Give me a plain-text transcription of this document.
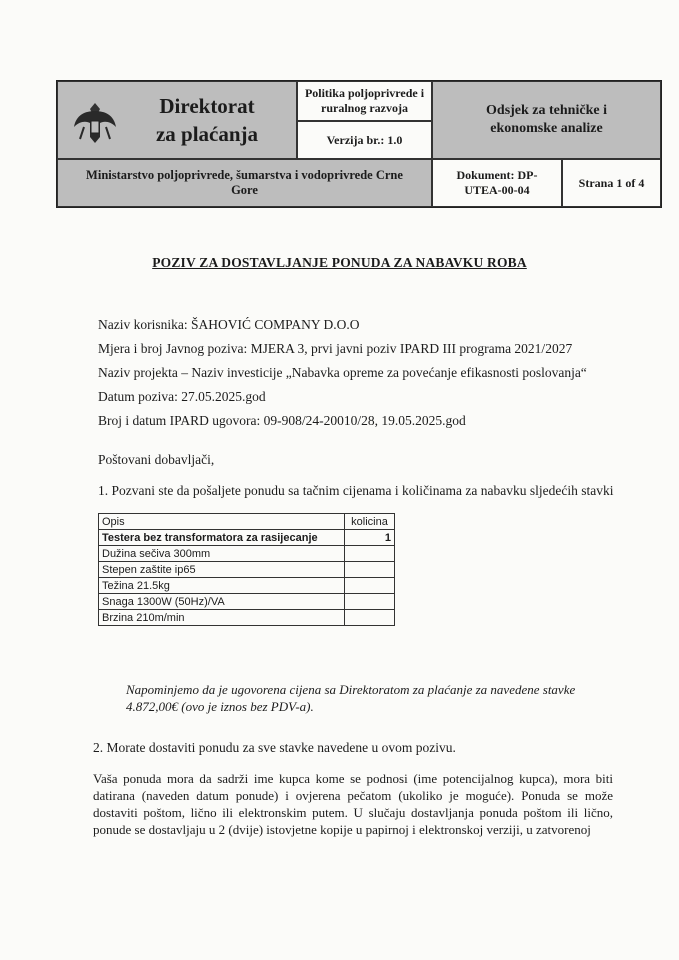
Direktorat za plaćanja
Politika poljoprivrede i ruralnog razvoja
Verzija br.: 1.0
Odsjek za tehničke i ekonomske analize
Ministarstvo poljoprivrede, šumarstva i vodoprivrede Crne Gore
Dokument: DP-UTEA-00-04
Strana 1 of 4
POZIV ZA DOSTAVLJANJE PONUDA ZA NABAVKU ROBA
Naziv korisnika: ŠAHOVIĆ COMPANY D.O.O
Mjera i broj Javnog poziva: MJERA 3, prvi javni poziv IPARD III programa 2021/2027
Naziv projekta – Naziv investicije „Nabavka opreme za povećanje efikasnosti poslovanja“
Datum poziva: 27.05.2025.god
Broj i datum IPARD ugovora: 09-908/24-20010/28, 19.05.2025.god
Poštovani dobavljači,
1. Pozvani ste da pošaljete ponudu sa tačnim cijenama i količinama za nabavku sljedećih stavki
Opis	kolicina
Testera bez transformatora za rasijecanje	1
Dužina sečiva 300mm	
Stepen zaštite ip65	
Težina 21.5kg	
Snaga 1300W (50Hz)/VA	
Brzina 210m/min	
Napominjemo da je ugovorena cijena sa Direktoratom za plaćanje za navedene stavke 4.872,00€ (ovo je iznos bez PDV-a).
2. Morate dostaviti ponudu za sve stavke navedene u ovom pozivu.
Vaša ponuda mora da sadrži ime kupca kome se podnosi (ime potencijalnog kupca), mora biti datirana (naveden datum ponude) i ovjerena pečatom (ukoliko je moguće). Ponuda se može dostaviti poštom, lično ili elektronskim putem. U slučaju dostavljanja ponuda poštom ili lično, ponude se dostavljaju u 2 (dvije) istovjetne kopije u papirnoj i elektronskoj verziji, u zatvorenoj
